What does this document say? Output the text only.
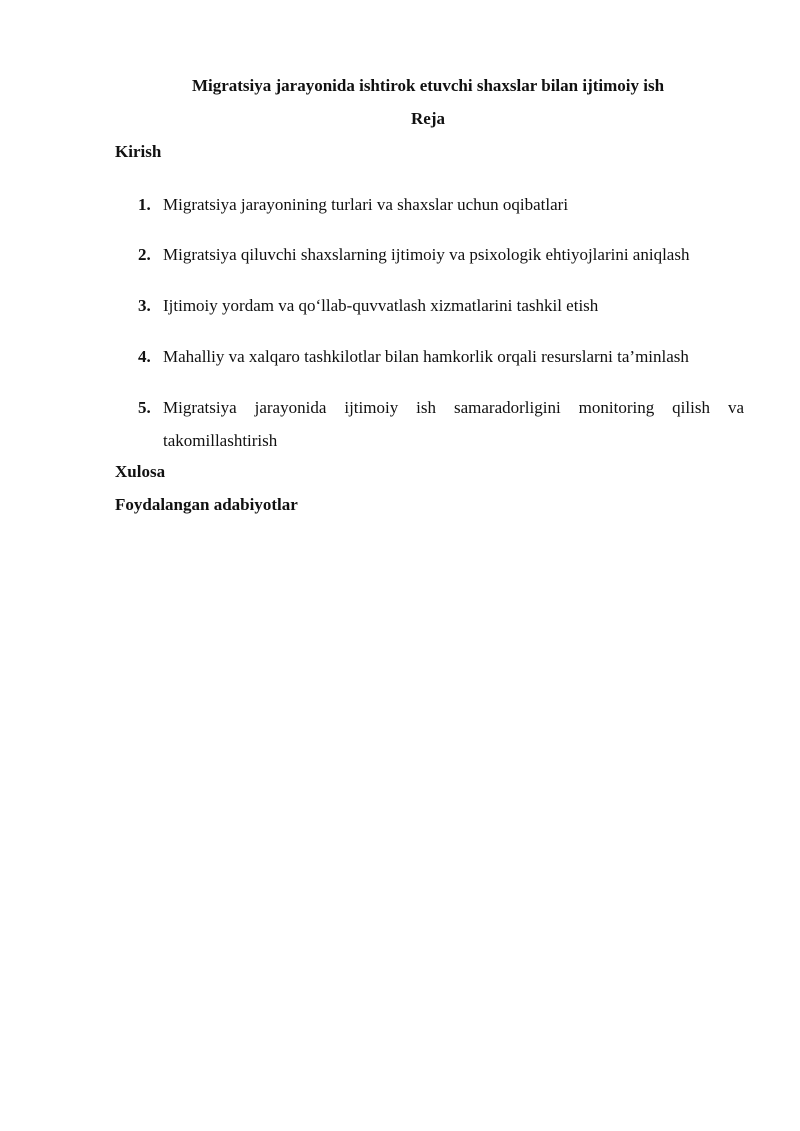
Migratsiya jarayonida ishtirok etuvchi shaxslar bilan ijtimoiy ish
Reja
Kirish
1. Migratsiya jarayonining turlari va shaxslar uchun oqibatlari
2. Migratsiya qiluvchi shaxslarning ijtimoiy va psixologik ehtiyojlarini aniqlash
3. Ijtimoiy yordam va qo‘llab-quvvatlash xizmatlarini tashkil etish
4. Mahalliy va xalqaro tashkilotlar bilan hamkorlik orqali resurslarni ta’minlash
5. Migratsiya jarayonida ijtimoiy ish samaradorligini monitoring qilish va takomillashtirish
Xulosa
Foydalangan adabiyotlar
